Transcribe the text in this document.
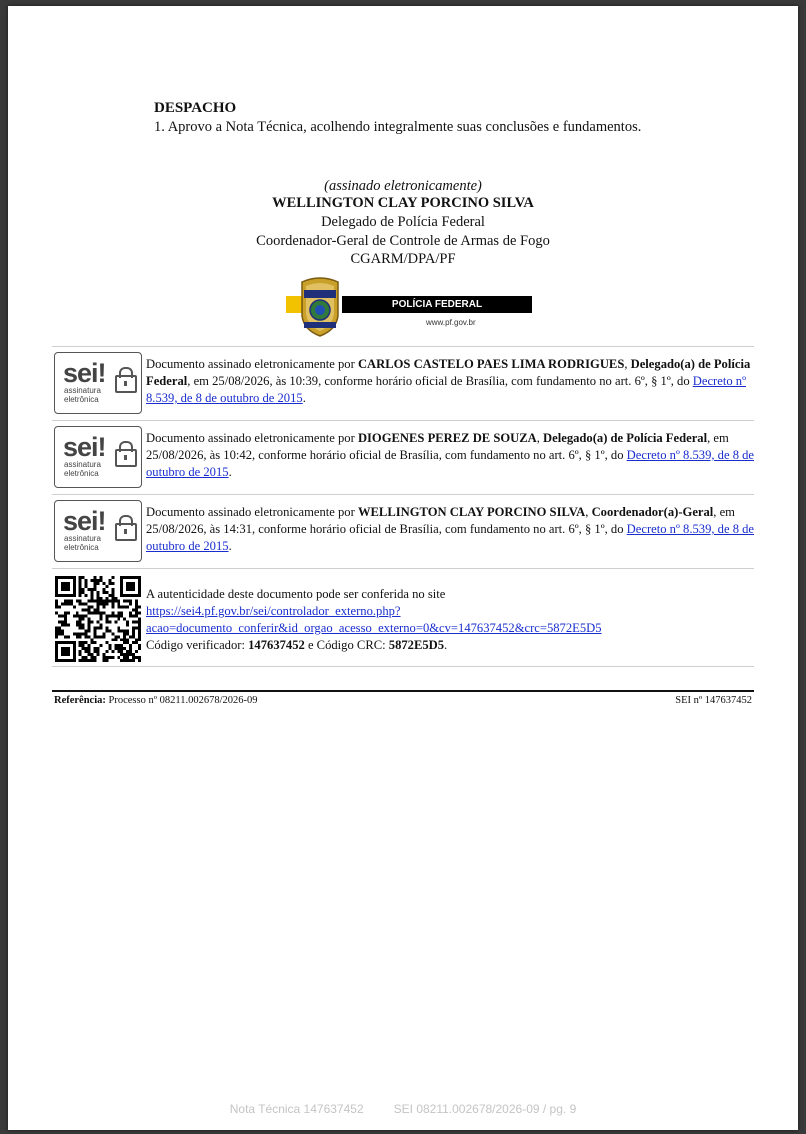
DESPACHO
1. Aprovo a Nota Técnica, acolhendo integralmente suas conclusões e fundamentos.
(assinado eletronicamente)
WELLINGTON CLAY PORCINO SILVA
Delegado de Polícia Federal
Coordenador-Geral de Controle de Armas de Fogo
CGARM/DPA/PF
POLÍCIA FEDERAL
www.pf.gov.br
sei!
assinatura
eletrônica
Documento assinado eletronicamente por CARLOS CASTELO PAES LIMA RODRIGUES, Delegado(a) de Polícia Federal, em 25/08/2026, às 10:39, conforme horário oficial de Brasília, com fundamento no art. 6º, § 1º, do Decreto nº 8.539, de 8 de outubro de 2015.
sei!
assinatura
eletrônica
Documento assinado eletronicamente por DIOGENES PEREZ DE SOUZA, Delegado(a) de Polícia Federal, em 25/08/2026, às 10:42, conforme horário oficial de Brasília, com fundamento no art. 6º, § 1º, do Decreto nº 8.539, de 8 de outubro de 2015.
sei!
assinatura
eletrônica
Documento assinado eletronicamente por WELLINGTON CLAY PORCINO SILVA, Coordenador(a)-Geral, em 25/08/2026, às 14:31, conforme horário oficial de Brasília, com fundamento no art. 6º, § 1º, do Decreto nº 8.539, de 8 de outubro de 2015.
A autenticidade deste documento pode ser conferida no site
https://sei4.pf.gov.br/sei/controlador_externo.php?
acao=documento_conferir&id_orgao_acesso_externo=0&cv=147637452&crc=5872E5D5
Código verificador: 147637452 e Código CRC: 5872E5D5.
Referência: Processo nº 08211.002678/2026-09	SEI nº 147637452
Nota Técnica 147637452	SEI 08211.002678/2026-09 / pg. 9
